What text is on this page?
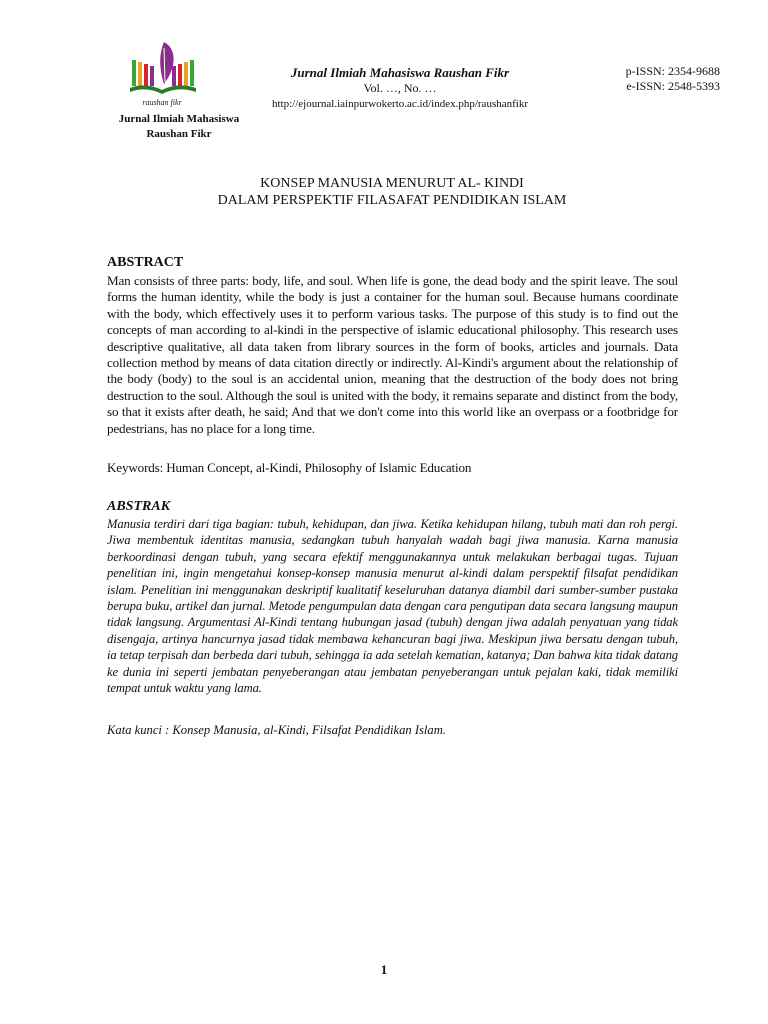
raushan fikr
Jurnal Ilmiah Mahasiswa Raushan Fikr
Jurnal Ilmiah Mahasiswa Raushan Fikr
Vol. …, No. …
http://ejournal.iainpurwokerto.ac.id/index.php/raushanfikr
p-ISSN: 2354-9688
e-ISSN: 2548-5393
KONSEP MANUSIA MENURUT AL- KINDI
DALAM PERSPEKTIF FILASAFAT PENDIDIKAN ISLAM
ABSTRACT
Man consists of three parts: body, life, and soul. When life is gone, the dead body and the spirit leave. The soul forms the human identity, while the body is just a container for the human soul. Because humans coordinate with the body, which effectively uses it to perform various tasks. The purpose of this study is to find out the concepts of man according to al-kindi in the perspective of islamic educational philosophy. This research uses descriptive qualitative, all data taken from library sources in the form of books, articles and journals. Data collection method by means of data citation directly or indirectly. Al-Kindi's argument about the relationship of the body (body) to the soul is an accidental union, meaning that the destruction of the body does not bring destruction to the soul. Although the soul is united with the body, it remains separate and distinct from the body, so that it exists after death, he said; And that we don't come into this world like an overpass or a footbridge for pedestrians, has no place for a long time.
Keywords: Human Concept, al-Kindi, Philosophy of Islamic Education
ABSTRAK
Manusia terdiri dari tiga bagian: tubuh, kehidupan, dan jiwa. Ketika kehidupan hilang, tubuh mati dan roh pergi. Jiwa membentuk identitas manusia, sedangkan tubuh hanyalah wadah bagi jiwa manusia. Karna manusia berkoordinasi dengan tubuh, yang secara efektif menggunakannya untuk melakukan berbagai tugas. Tujuan penelitian ini, ingin mengetahui konsep-konsep manusia menurut al-kindi dalam perspektif filsafat pendidikan islam. Penelitian ini menggunakan deskriptif kualitatif keseluruhan datanya diambil dari sumber-sumber pustaka berupa buku, artikel dan jurnal. Metode pengumpulan data dengan cara pengutipan data secara langsung maupun tidak langsung. Argumentasi Al-Kindi tentang hubungan jasad (tubuh) dengan jiwa adalah penyatuan yang tidak disengaja, artinya hancurnya jasad tidak membawa kehancuran bagi jiwa. Meskipun jiwa bersatu dengan tubuh, ia tetap terpisah dan berbeda dari tubuh, sehingga ia ada setelah kematian, katanya; Dan bahwa kita tidak datang ke dunia ini seperti jembatan penyeberangan atau jembatan penyeberangan untuk pejalan kaki, tidak memiliki tempat untuk waktu yang lama.
Kata kunci : Konsep Manusia, al-Kindi, Filsafat Pendidikan Islam.
1
